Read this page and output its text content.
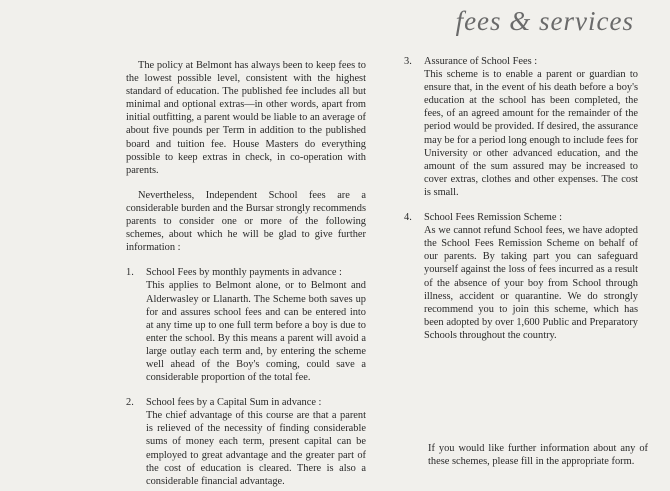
fees & services

The policy at Belmont has always been to keep fees to the lowest possible level, consistent with the highest standard of education. The published fee includes all but minimal and optional extras—in other words, apart from initial outfitting, a parent would be liable to an average of about five pounds per Term in addition to the published board and tuition fee. House Masters do everything possible to keep extras in check, in co-operation with parents.

Nevertheless, Independent School fees are a considerable burden and the Bursar strongly recommends parents to consider one or more of the following schemes, about which he will be glad to give further information :

1. School Fees by monthly payments in advance :

This applies to Belmont alone, or to Belmont and Alderwasley or Llanarth. The Scheme both saves up for and assures school fees and can be entered into at any time up to one full term before a boy is due to enter the school. By this means a parent will avoid a large outlay each term and, by entering the scheme well ahead of the Boy's coming, could save a considerable proportion of the total fee.

2. School fees by a Capital Sum in advance :

The chief advantage of this course are that a parent is relieved of the necessity of finding considerable sums of money each term, present capital can be employed to great advantage and the greater part of the cost of education is cleared. There is also a considerable financial advantage.

3. Assurance of School Fees :

This scheme is to enable a parent or guardian to ensure that, in the event of his death before a boy's education at the school has been completed, the fees, of an agreed amount for the remainder of the period would be provided. If desired, the assurance may be for a period long enough to include fees for University or other advanced education, and the amount of the sum assured may be increased to cover extras, clothes and other expenses. The cost is small.

4. School Fees Remission Scheme :

As we cannot refund School fees, we have adopted the School Fees Remission Scheme on behalf of our parents. By taking part you can safeguard yourself against the loss of fees incurred as a result of the absence of your boy from School through illness, accident or quarantine. We do strongly recommend you to join this scheme, which has been adopted by over 1,600 Public and Preparatory Schools throughout the country.

If you would like further information about any of these schemes, please fill in the appropriate form.
